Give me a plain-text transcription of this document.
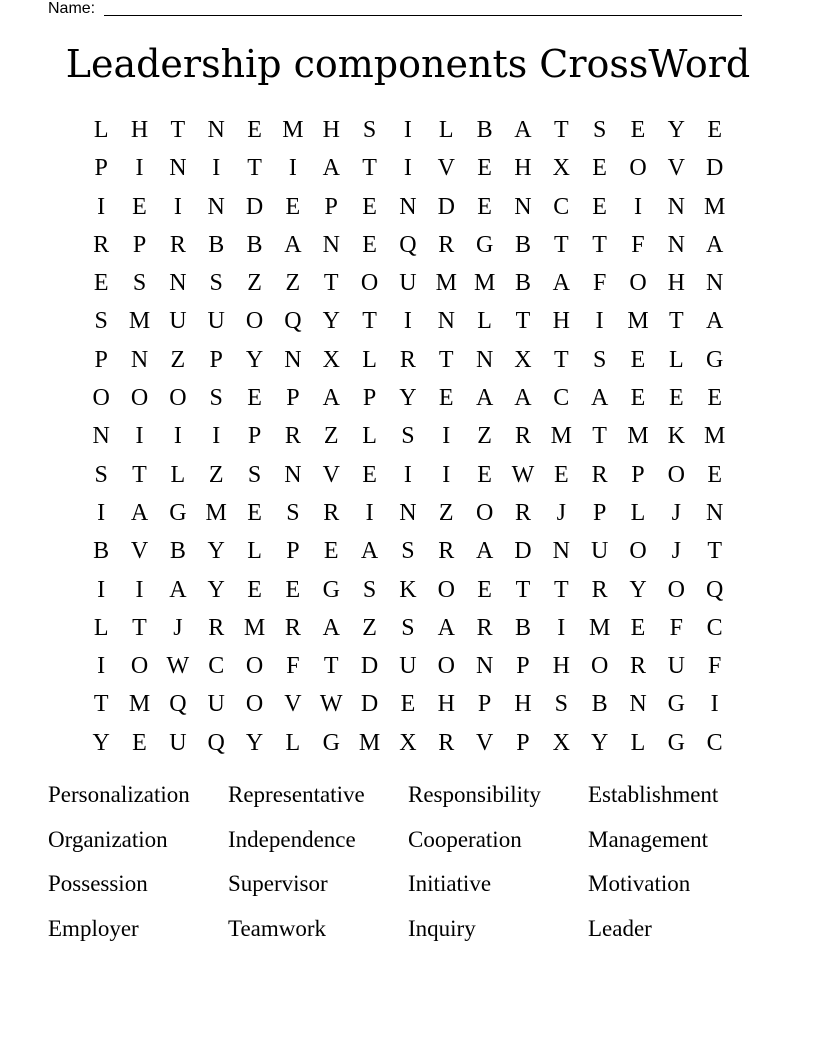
Name:
Leadership components CrossWord
L H T N E M H S	I	L B A T	S	E Y E
P	I	N	I	T	I	A T	I	V E H X E O V D
I	E	I	N D E	P	E N D E N C E	I	N M
R P R B B A N E Q R G B T T	F N A
E	S N S	Z Z T O U M M B A F O H N
S M U U O Q Y T	I	N L T H	I M T A
P N Z	P Y N X L R T N X T	S	E L G
O O O S	E	P A P Y E A A C A E E E
N	I	I	I	P R Z L	S	I	Z R M T M K M
S	T L Z	S N V E	I	I	E W E R P O E
I	A G M E	S R	I	N Z O R	J	P	L	J	N
B V B Y L	P	E A S R A D N U O	J	T
I	I	A Y E E G S K O E T T R Y O Q
L T	J	R M R A Z	S A R B	I M E	F C
I	O W C O F	T D U O N P H O R U F
T M Q U O V W D E H P H S B N G	I
Y E U Q Y L G M X R V P X Y L G C
Personalization	Representative	Responsibility	Establishment
Organization	Independence	Cooperation	Management
Possession	Supervisor	Initiative	Motivation
Employer	Teamwork	Inquiry	Leader
